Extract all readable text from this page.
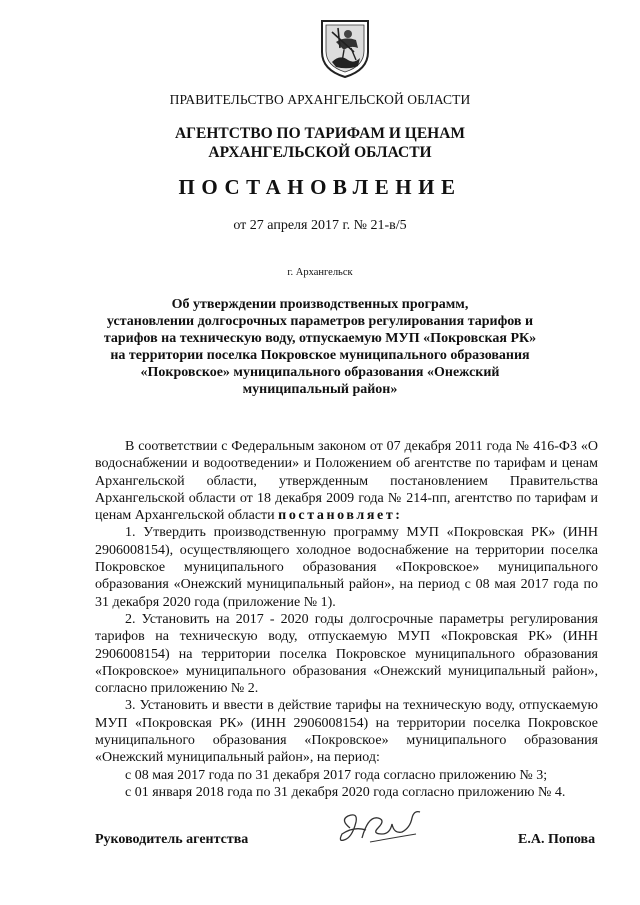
ПРАВИТЕЛЬСТВО АРХАНГЕЛЬСКОЙ ОБЛАСТИ
АГЕНТСТВО ПО ТАРИФАМ И ЦЕНАМ
АРХАНГЕЛЬСКОЙ ОБЛАСТИ
ПОСТАНОВЛЕНИЕ
от 27 апреля 2017 г. № 21-в/5
г. Архангельск
Об утверждении производственных программ,
установлении долгосрочных параметров регулирования тарифов и
тарифов на техническую воду, отпускаемую МУП «Покровская РК»
на территории поселка Покровское муниципального образования
«Покровское» муниципального образования «Онежский
муниципальный район»

В соответствии с Федеральным законом от 07 декабря 2011 года № 416-ФЗ «О водоснабжении и водоотведении» и Положением об агентстве по тарифам и ценам Архангельской области, утвержденным постановлением Правительства Архангельской области от 18 декабря 2009 года № 214-пп, агентство по тарифам и ценам Архангельской области постановляет:

1. Утвердить производственную программу МУП «Покровская РК» (ИНН 2906008154), осуществляющего холодное водоснабжение на территории поселка Покровское муниципального образования «Покровское» муниципального образования «Онежский муниципальный район», на период с 08 мая 2017 года по 31 декабря 2020 года (приложение № 1).

2. Установить на 2017 - 2020 годы долгосрочные параметры регулирования тарифов на техническую воду, отпускаемую МУП «Покровская РК» (ИНН 2906008154) на территории поселка Покровское муниципального образования «Покровское» муниципального образования «Онежский муниципальный район», согласно приложению № 2.

3. Установить и ввести в действие тарифы на техническую воду, отпускаемую МУП «Покровская РК» (ИНН 2906008154) на территории поселка Покровское муниципального образования «Покровское» муниципального образования «Онежский муниципальный район», на период:

с 08 мая 2017 года по 31 декабря 2017 года согласно приложению № 3;

с 01 января 2018 года по 31 декабря 2020 года согласно приложению № 4.

Руководитель агентства	Е.А. Попова
